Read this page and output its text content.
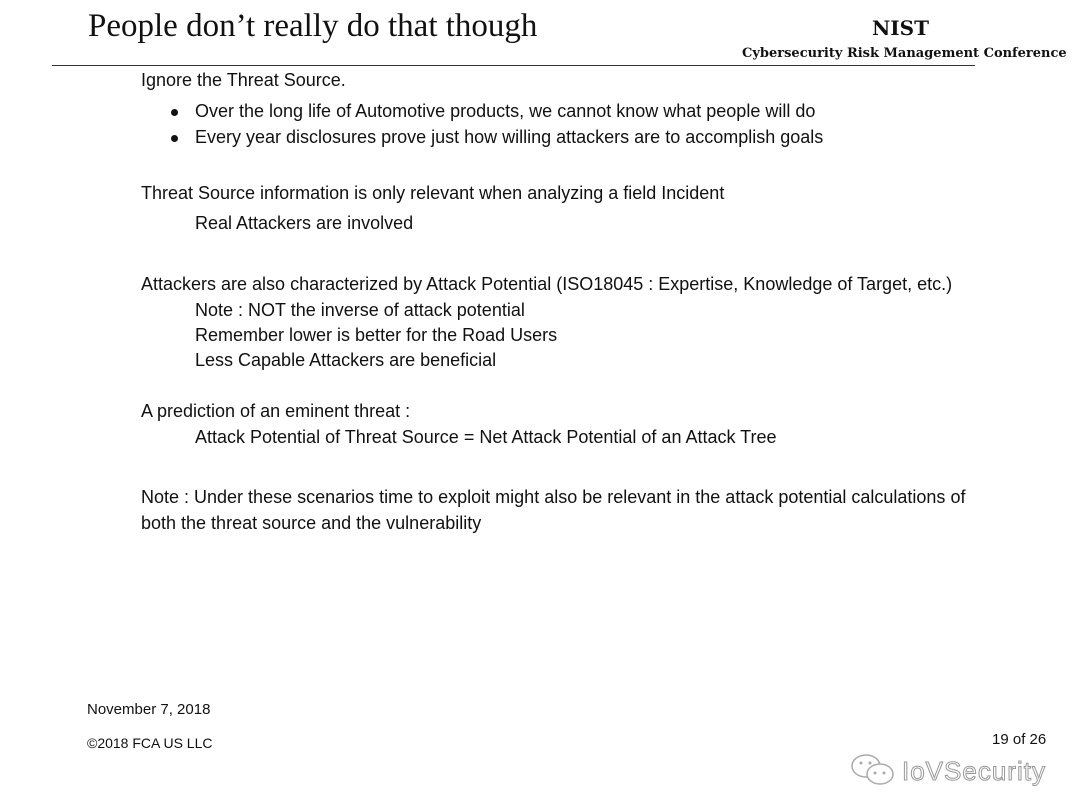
People don’t really do that though	NIST
Cybersecurity Risk Management Conference
Ignore the Threat Source.
Over the long life of Automotive products, we cannot know what people will do
Every year disclosures prove just how willing attackers are to accomplish goals
Threat Source information is only relevant when analyzing a field Incident
Real Attackers are involved
Attackers are also characterized by Attack Potential (ISO18045 : Expertise, Knowledge of Target, etc.)
Note : NOT the inverse of attack potential
Remember lower is better for the Road Users
Less Capable Attackers are beneficial
A prediction of an eminent threat :
Attack Potential of Threat Source = Net Attack Potential of an Attack Tree
Note : Under these scenarios time to exploit might also be relevant in the attack potential calculations of
both the threat source and the vulnerability
November 7, 2018
©2018 FCA US LLC
IoVSecurity
19 of 26
